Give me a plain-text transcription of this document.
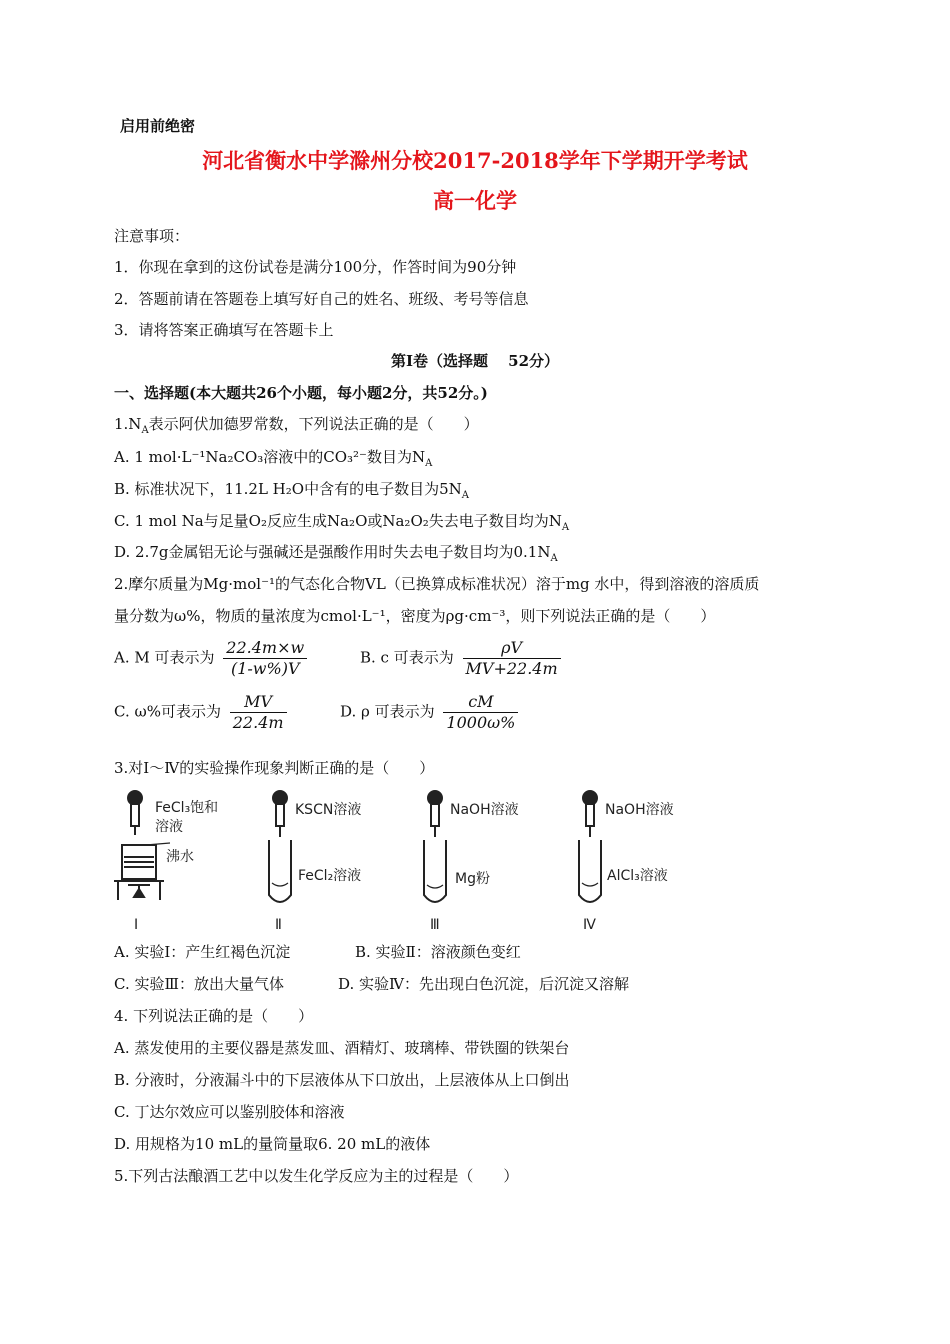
启用前绝密
河北省衡水中学滁州分校2017-2018学年下学期开学考试
高一化学
注意事项：
1．你现在拿到的这份试卷是满分100分，作答时间为90分钟
2．答题前请在答题卷上填写好自己的姓名、班级、考号等信息
3．请将答案正确填写在答题卡上
第Ⅰ卷（选择题　 52分）
一、选择题(本大题共26个小题，每小题2分，共52分。)
$1.N_A$表示阿伏加德罗常数，下列说法正确的是（　　）
A. 1 mol·L⁻¹Na₂CO₃溶液中的CO₃²⁻数目为$N_A$
B. 标准状况下，11.2L H₂O中含有的电子数目为$5N_A$
C. 1 mol Na与足量O₂反应生成Na₂O或Na₂O₂失去电子数目均为$N_A$
D. 2.7g金属铝无论与强碱还是强酸作用时失去电子数目均为$0.1N_A$
2.摩尔质量为Mg·mol⁻¹的气态化合物VL（已换算成标准状况）溶于mg 水中，得到溶液的溶质质
量分数为ω%，物质的量浓度为cmol·L⁻¹，密度为ρg·cm⁻³，则下列说法正确的是（　　）
A. M 可表示为 $\frac{22.4m\times w}{(1-w\%)V}$	B. c 可表示为 $\frac{\rho V}{MV+22.4m}$
C. ω%可表示为 $\frac{MV}{22.4m}$	D. ρ 可表示为 $\frac{cM}{1000\omega\%}$
3.对Ⅰ～Ⅳ的实验操作现象判断正确的是（　　）
FeCl₃饱和
溶液
沸水
KSCN溶液
FeCl₂溶液
NaOH溶液
Mg粉
NaOH溶液
AlCl₃溶液
Ⅰ	Ⅱ	Ⅲ	Ⅳ
A. 实验Ⅰ：产生红褐色沉淀	B. 实验Ⅱ：溶液颜色变红
C. 实验Ⅲ：放出大量气体	D. 实验Ⅳ：先出现白色沉淀，后沉淀又溶解
4. 下列说法正确的是（　　）
A. 蒸发使用的主要仪器是蒸发皿、酒精灯、玻璃棒、带铁圈的铁架台
B. 分液时，分液漏斗中的下层液体从下口放出，上层液体从上口倒出
C. 丁达尔效应可以鉴别胶体和溶液
D. 用规格为10 mL的量筒量取6. 20 mL的液体
5.下列古法酿酒工艺中以发生化学反应为主的过程是（　　）
